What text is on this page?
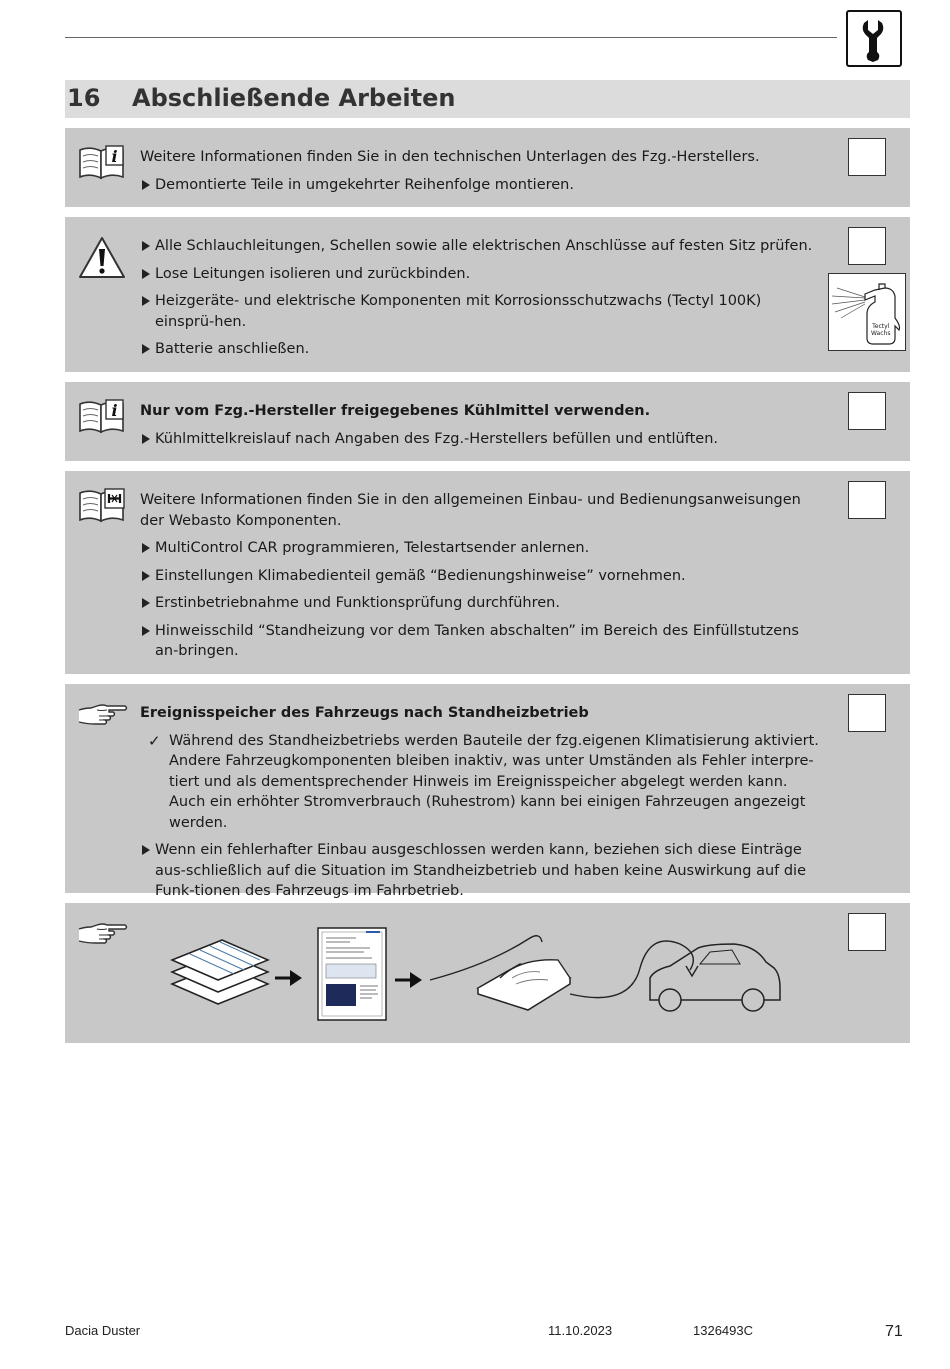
16 Abschließende Arbeiten
i Weitere Informationen finden Sie in den technischen Unterlagen des Fzg.-Herstellers.
Demontierte Teile in umgekehrter Reihenfolge montieren.
Alle Schlauchleitungen, Schellen sowie alle elektrischen Anschlüsse auf festen Sitz prüfen.
Lose Leitungen isolieren und zurückbinden.
Heizgeräte- und elektrische Komponenten mit Korrosionsschutzwachs (Tectyl 100K) einsprü-hen.
Batterie anschließen.
Tectyl
Wachs
i Nur vom Fzg.-Hersteller freigegebenes Kühlmittel verwenden.
Kühlmittelkreislauf nach Angaben des Fzg.-Herstellers befüllen und entlüften.
Weitere Informationen finden Sie in den allgemeinen Einbau- und Bedienungsanweisungen der Webasto Komponenten.
MultiControl CAR programmieren, Telestartsender anlernen.
Einstellungen Klimabedienteil gemäß “Bedienungshinweise” vornehmen.
Erstinbetriebnahme und Funktionsprüfung durchführen.
Hinweisschild “Standheizung vor dem Tanken abschalten” im Bereich des Einfüllstutzens an-bringen.
Ereignisspeicher des Fahrzeugs nach Standheizbetrieb
✓ Während des Standheizbetriebs werden Bauteile der fzg.eigenen Klimatisierung aktiviert. Andere Fahrzeugkomponenten bleiben inaktiv, was unter Umständen als Fehler interpre-tiert und als dementsprechender Hinweis im Ereignisspeicher abgelegt werden kann. Auch ein erhöhter Stromverbrauch (Ruhestrom) kann bei einigen Fahrzeugen angezeigt werden.
Wenn ein fehlerhafter Einbau ausgeschlossen werden kann, beziehen sich diese Einträge aus-schließlich auf die Situation im Standheizbetrieb und haben keine Auswirkung auf die Funk-tionen des Fahrzeugs im Fahrbetrieb.
Dacia Duster	11.10.2023	1326493C	71
